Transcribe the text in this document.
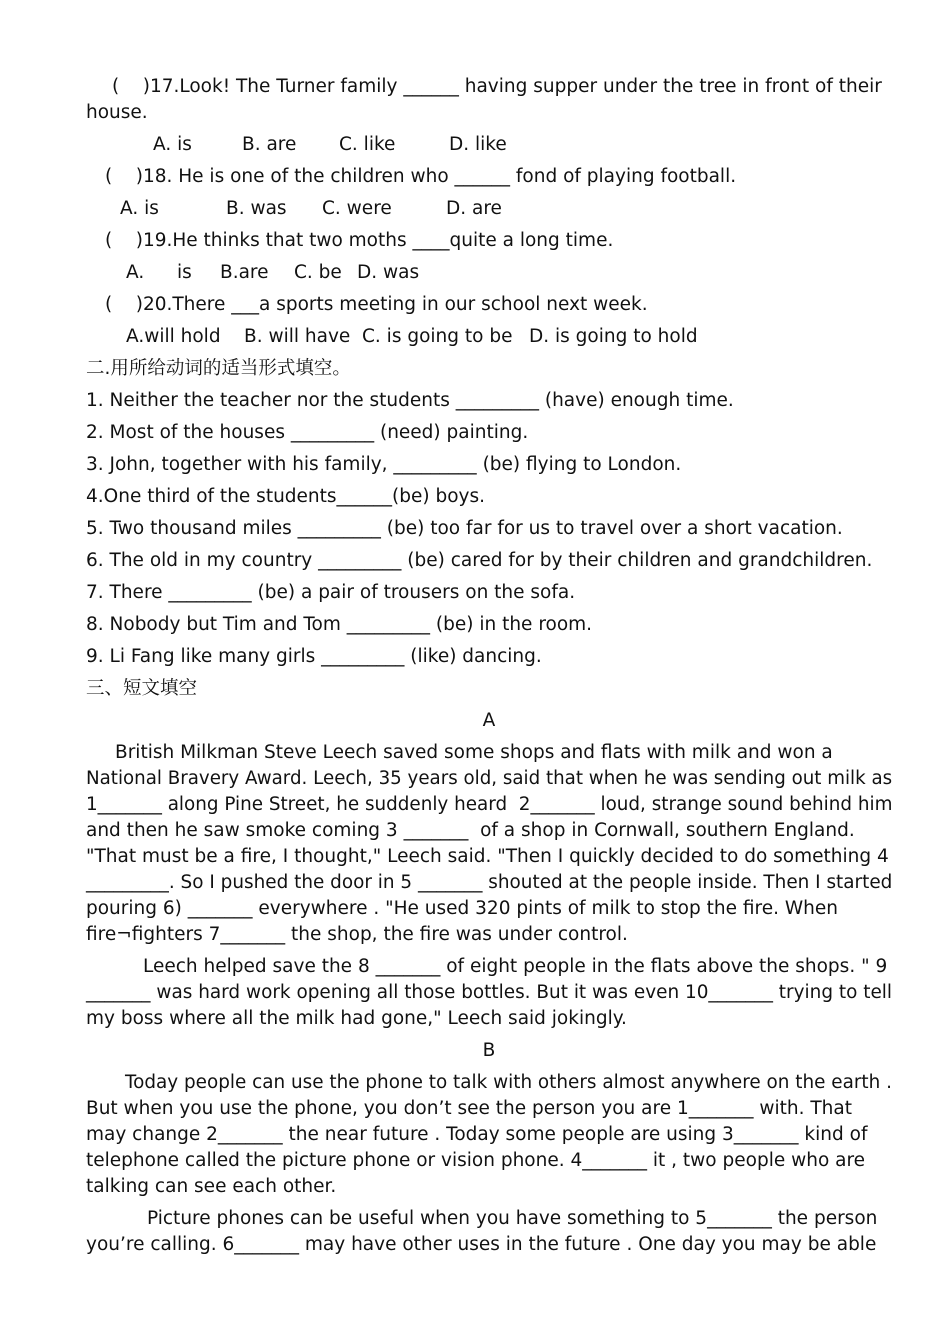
(    )17.Look! The Turner family ______ having supper under the tree in front of their
house.
A. is	B. are C. like	D. like
(    )18. He is one of the children who ______ fond of playing football.
A. is	B. was C. were	D. are
(    )19.He thinks that two moths ____quite a long time.
A. is B.are C. be D. was
(    )20.There ___a sports meeting in our school next week.
A.will hold B. will have C. is going to be D. is going to hold
二.用所给动词的适当形式填空。
1. Neither the teacher nor the students _________ (have) enough time.
2. Most of the houses _________ (need) painting.
3. John, together with his family, _________ (be) flying to London.
4.One third of the students______(be) boys.
5. Two thousand miles _________ (be) too far for us to travel over a short vacation.
6. The old in my country _________ (be) cared for by their children and grandchildren.
7. There _________ (be) a pair of trousers on the sofa.
8. Nobody but Tim and Tom _________ (be) in the room.
9. Li Fang like many girls _________ (like) dancing.
三、短文填空
A
British Milkman Steve Leech saved some shops and flats with milk and won a
National Bravery Award. Leech, 35 years old, said that when he was sending out milk as
1_______ along Pine Street, he suddenly heard  2_______ loud, strange sound behind him
and then he saw smoke coming 3 _______  of a shop in Cornwall, southern England.
"That must be a fire, I thought," Leech said. "Then I quickly decided to do something 4
_________. So I pushed the door in 5 _______ shouted at the people inside. Then I started
pouring 6) _______ everywhere . "He used 320 pints of milk to stop the fire. When
fire¬fighters 7_______ the shop, the fire was under control.
Leech helped save the 8 _______ of eight people in the flats above the shops. " 9
_______ was hard work opening all those bottles. But it was even 10_______ trying to tell
my boss where all the milk had gone," Leech said jokingly.
B
Today people can use the phone to talk with others almost anywhere on the earth .
But when you use the phone, you don’t see the person you are 1_______ with. That
may change 2_______ the near future . Today some people are using 3_______ kind of
telephone called the picture phone or vision phone. 4_______ it , two people who are
talking can see each other.
Picture phones can be useful when you have something to 5_______ the person
you’re calling. 6_______ may have other uses in the future . One day you may be able
